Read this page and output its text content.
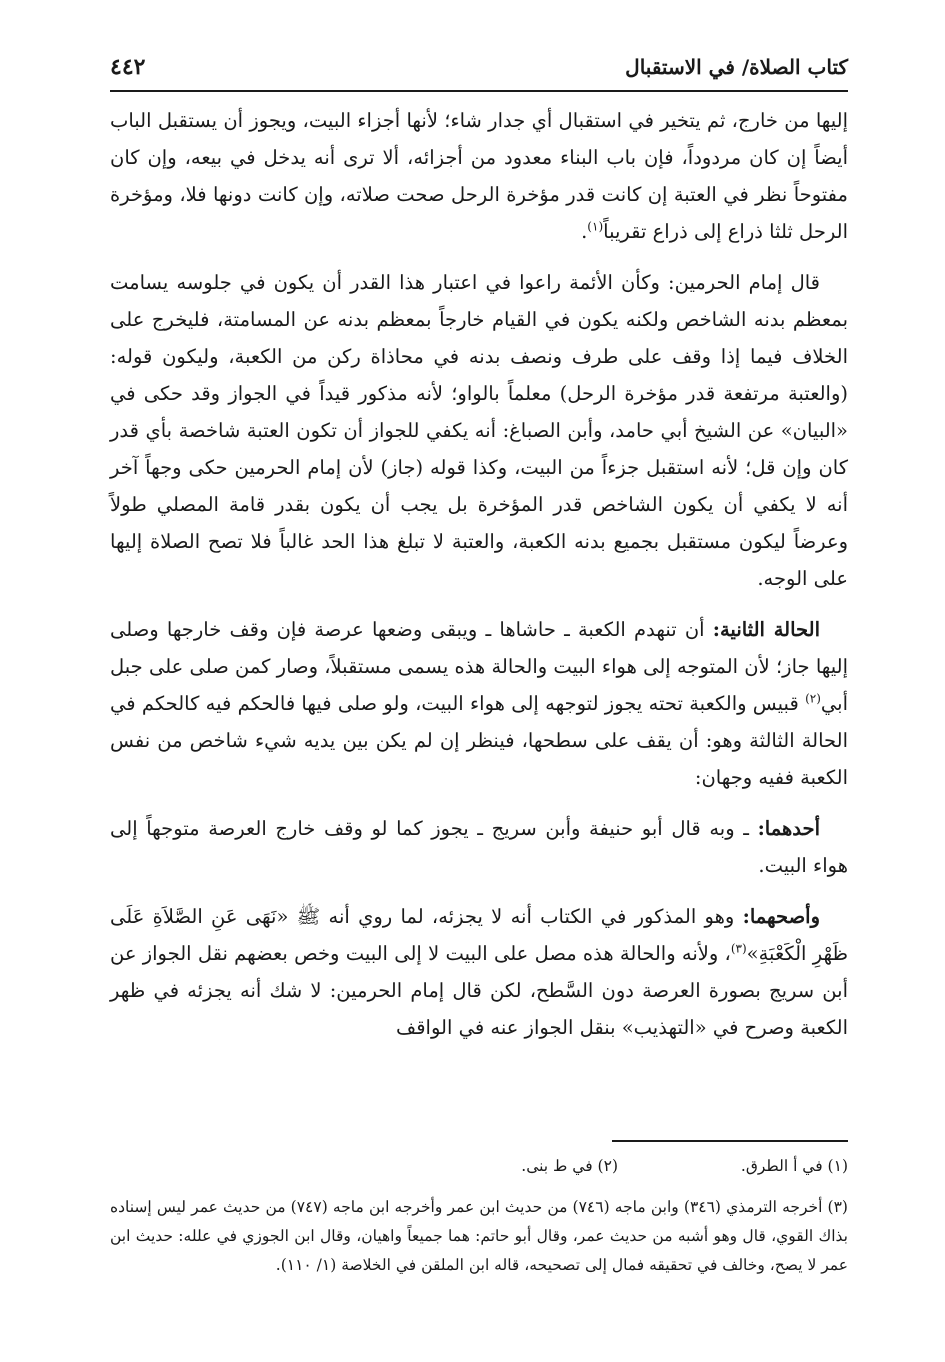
كتاب الصلاة/ في الاستقبال
٤٤٢

إليها من خارج، ثم يتخير في استقبال أي جدار شاء؛ لأنها أجزاء البيت، ويجوز أن يستقبل الباب أيضاً إن كان مردوداً، فإن باب البناء معدود من أجزائه، ألا ترى أنه يدخل في بيعه، وإن كان مفتوحاً نظر في العتبة إن كانت قدر مؤخرة الرحل صحت صلاته، وإن كانت دونها فلا، ومؤخرة الرحل ثلثا ذراع إلى ذراع تقريباً$^{(١)}$.

قال إمام الحرمين: وكأن الأئمة راعوا في اعتبار هذا القدر أن يكون في جلوسه يسامت بمعظم بدنه الشاخص ولكنه يكون في القيام خارجاً بمعظم بدنه عن المسامتة، فليخرج على الخلاف فيما إذا وقف على طرف ونصف بدنه في محاذاة ركن من الكعبة، وليكون قوله: (والعتبة مرتفعة قدر مؤخرة الرحل) معلماً بالواو؛ لأنه مذكور قيداً في الجواز وقد حكى في «البيان» عن الشيخ أبي حامد، وأبن الصباغ: أنه يكفي للجواز أن تكون العتبة شاخصة بأي قدر كان وإن قل؛ لأنه استقبل جزءاً من البيت، وكذا قوله (جاز) لأن إمام الحرمين حكى وجهاً آخر أنه لا يكفي أن يكون الشاخص قدر المؤخرة بل يجب أن يكون بقدر قامة المصلي طولاً وعرضاً ليكون مستقبل بجميع بدنه الكعبة، والعتبة لا تبلغ هذا الحد غالباً فلا تصح الصلاة إليها على الوجه.

الحالة الثانية: أن تنهدم الكعبة ـ حاشاها ـ ويبقى وضعها عرصة فإن وقف خارجها وصلى إليها جاز؛ لأن المتوجه إلى هواء البيت والحالة هذه يسمى مستقبلاً، وصار كمن صلى على جبل أبي$^{(٢)}$ قبيس والكعبة تحته يجوز لتوجهه إلى هواء البيت، ولو صلى فيها فالحكم فيه كالحكم في الحالة الثالثة وهو: أن يقف على سطحها، فينظر إن لم يكن بين يديه شيء شاخص من نفس الكعبة ففيه وجهان:

أحدهما: ـ وبه قال أبو حنيفة وأبن سريج ـ يجوز كما لو وقف خارج العرصة متوجهاً إلى هواء البيت.

وأصحهما: وهو المذكور في الكتاب أنه لا يجزئه، لما روي أنه ﷺ «نَهَى عَنِ الصَّلاَةِ عَلَى ظَهْرِ الْكَعْبَةِ»$^{(٣)}$، ولأنه والحالة هذه مصل على البيت لا إلى البيت وخص بعضهم نقل الجواز عن أبن سريج بصورة العرصة دون السَّطح، لكن قال إمام الحرمين: لا شك أنه يجزئه في ظهر الكعبة وصرح في «التهذيب» بنقل الجواز عنه في الواقف

(١) في أ الطرق.
(٢) في ط بنى.
(٣) أخرجه الترمذي (٣٤٦) وابن ماجه (٧٤٦) من حديث ابن عمر وأخرجه ابن ماجه (٧٤٧) من حديث عمر ليس إسناده بذاك القوي، قال وهو أشبه من حديث عمر، وقال أبو حاتم: هما جميعاً واهيان، وقال ابن الجوزي في علله: حديث ابن عمر لا يصح، وخالف في تحقيقه فمال إلى تصحيحه، قاله ابن الملقن في الخلاصة (١/ ١١٠).
